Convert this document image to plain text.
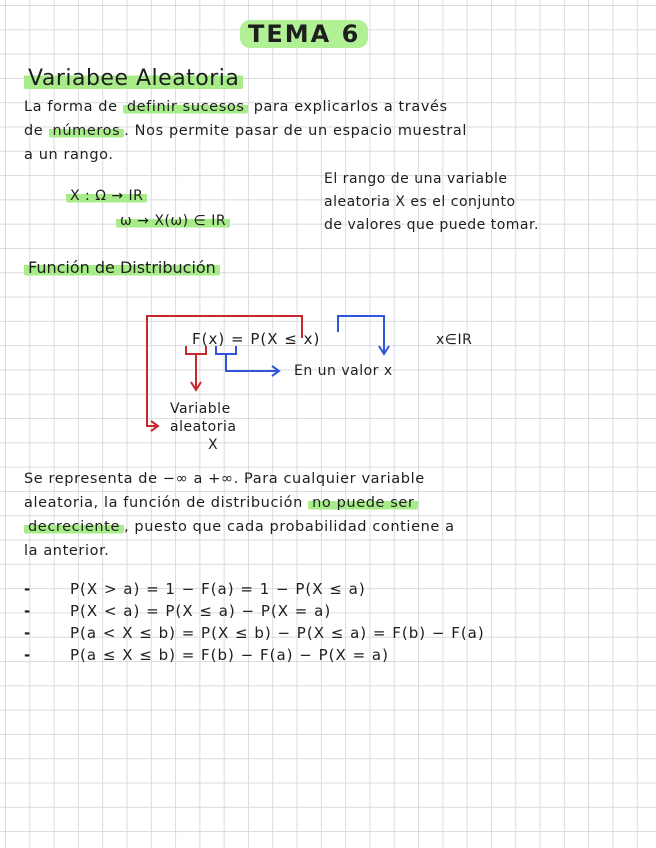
TEMA 6
Variabee Aleatoria
La forma de definir sucesos para explicarlos a través
de números . Nos permite pasar de un espacio muestral
a un rango.
X : Ω → IR
ω → X(ω) ∈ IR
El rango de una variable
aleatoria X es el conjunto
de valores que puede tomar.
Función de Distribución
F(x) = P(X ≤ x)	x∈IR
En un valor x
Variable
aleatoria
X
Se representa de −∞ a +∞. Para cualquier variable
aleatoria, la función de distribución no puede ser
decreciente , puesto que cada probabilidad contiene a
la anterior.
-	P(X > a) = 1 − F(a) = 1 − P(X ≤ a)
-	P(X < a) = P(X ≤ a) − P(X = a)
-	P(a < X ≤ b) = P(X ≤ b) − P(X ≤ a) = F(b) − F(a)
-	P(a ≤ X ≤ b) = F(b) − F(a) − P(X = a)
